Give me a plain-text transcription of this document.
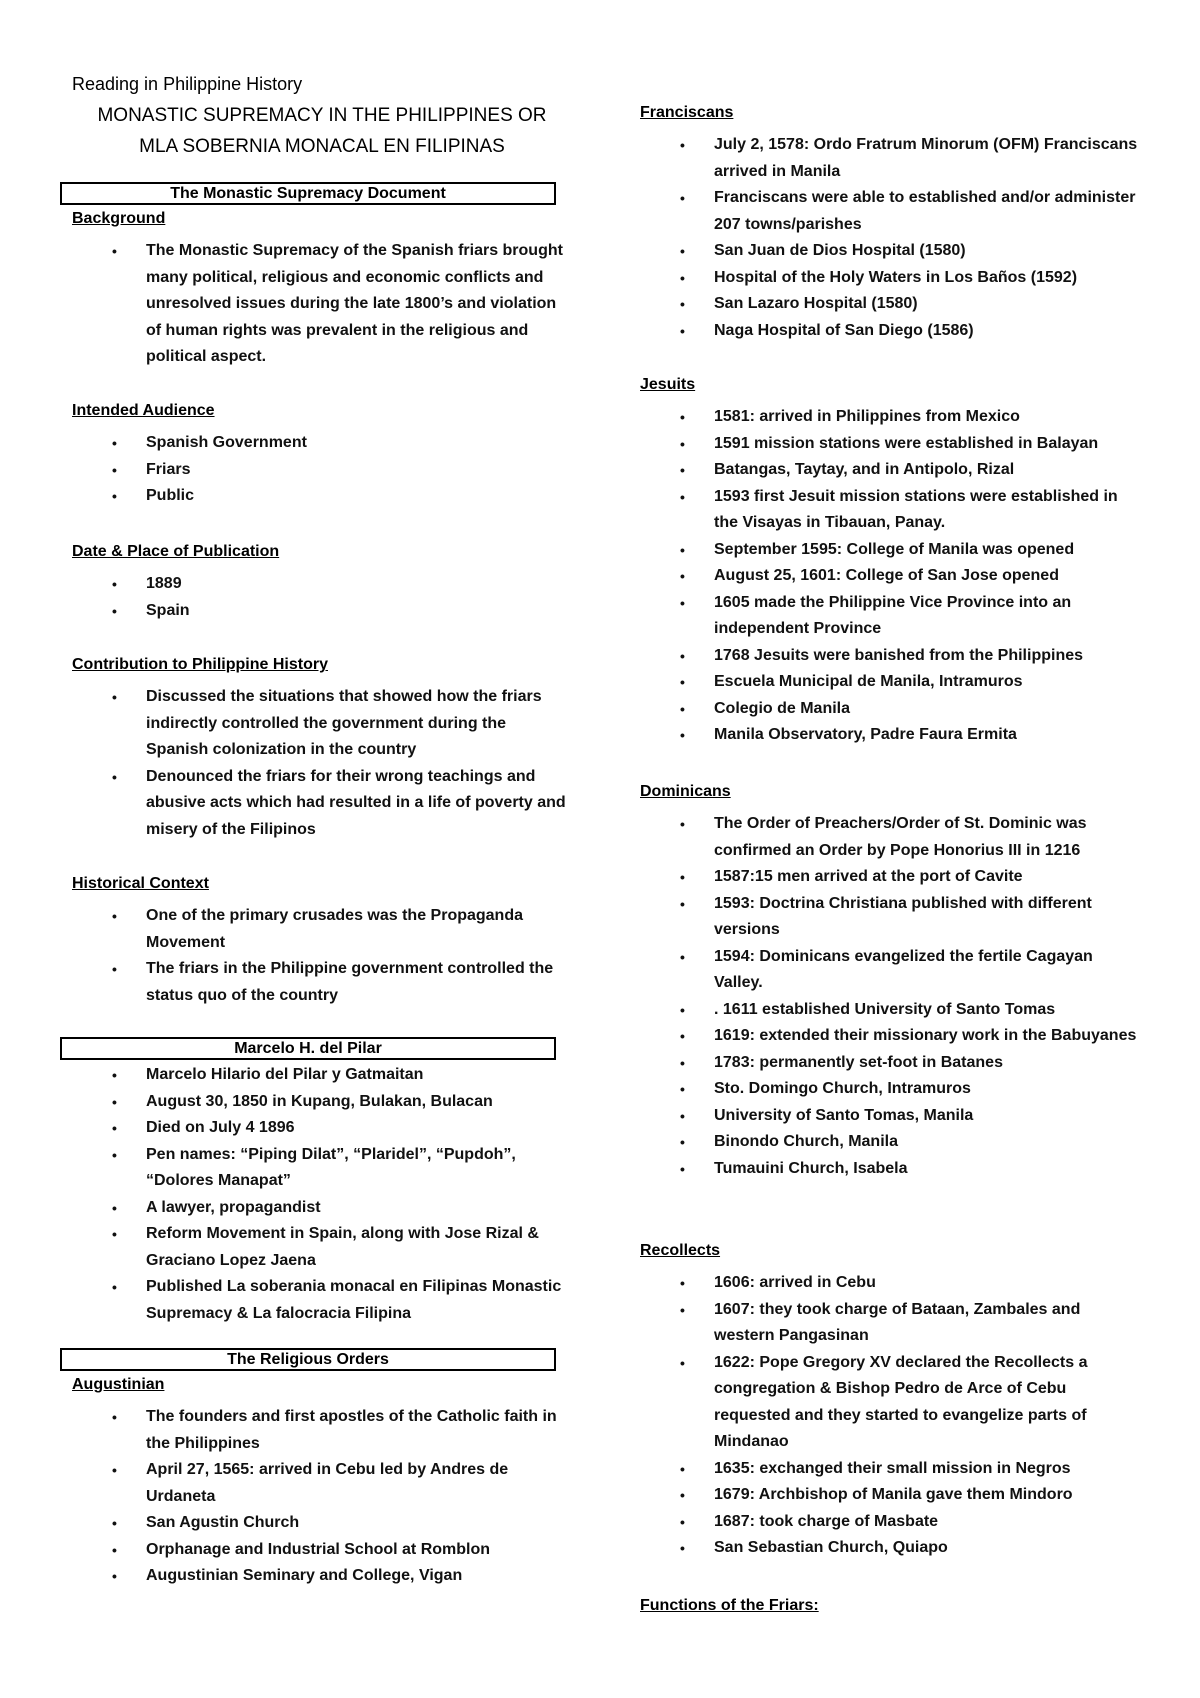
Reading in Philippine History
MONASTIC SUPREMACY IN THE PHILIPPINES OR
MLA SOBERNIA MONACAL EN FILIPINAS
The Monastic Supremacy Document
Background
• The Monastic Supremacy of the Spanish friars brought many political, religious and economic conflicts and unresolved issues during the late 1800’s and violation of human rights was prevalent in the religious and political aspect.
Intended Audience
• Spanish Government
• Friars
• Public
Date & Place of Publication
• 1889
• Spain
Contribution to Philippine History
• Discussed the situations that showed how the friars indirectly controlled the government during the Spanish colonization in the country
• Denounced the friars for their wrong teachings and abusive acts which had resulted in a life of poverty and misery of the Filipinos
Historical Context
• One of the primary crusades was the Propaganda Movement
• The friars in the Philippine government controlled the status quo of the country
Marcelo H. del Pilar
• Marcelo Hilario del Pilar y Gatmaitan
• August 30, 1850 in Kupang, Bulakan, Bulacan
• Died on July 4 1896
• Pen names: “Piping Dilat”, “Plaridel”, “Pupdoh”, “Dolores Manapat”
• A lawyer, propagandist
• Reform Movement in Spain, along with Jose Rizal & Graciano Lopez Jaena
• Published La soberania monacal en Filipinas Monastic Supremacy & La falocracia Filipina
The Religious Orders
Augustinian
• The founders and first apostles of the Catholic faith in the Philippines
• April 27, 1565: arrived in Cebu led by Andres de Urdaneta
• San Agustin Church
• Orphanage and Industrial School at Romblon
• Augustinian Seminary and College, Vigan
Franciscans
• July 2, 1578: Ordo Fratrum Minorum (OFM) Franciscans arrived in Manila
• Franciscans were able to established and/or administer 207 towns/parishes
• San Juan de Dios Hospital (1580)
• Hospital of the Holy Waters in Los Baños (1592)
• San Lazaro Hospital (1580)
• Naga Hospital of San Diego (1586)
Jesuits
• 1581: arrived in Philippines from Mexico
• 1591 mission stations were established in Balayan
• Batangas, Taytay, and in Antipolo, Rizal
• 1593 first Jesuit mission stations were established in the Visayas in Tibauan, Panay.
• September 1595: College of Manila was opened
• August 25, 1601: College of San Jose opened
• 1605 made the Philippine Vice Province into an independent Province
• 1768 Jesuits were banished from the Philippines
• Escuela Municipal de Manila, Intramuros
• Colegio de Manila
• Manila Observatory, Padre Faura Ermita
Dominicans
• The Order of Preachers/Order of St. Dominic was confirmed an Order by Pope Honorius III in 1216
• 1587:15 men arrived at the port of Cavite
• 1593: Doctrina Christiana published with different versions
• 1594: Dominicans evangelized the fertile Cagayan Valley.
• . 1611 established University of Santo Tomas
• 1619: extended their missionary work in the Babuyanes
• 1783: permanently set-foot in Batanes
• Sto. Domingo Church, Intramuros
• University of Santo Tomas, Manila
• Binondo Church, Manila
• Tumauini Church, Isabela
Recollects
• 1606: arrived in Cebu
• 1607: they took charge of Bataan, Zambales and western Pangasinan
• 1622: Pope Gregory XV declared the Recollects a congregation & Bishop Pedro de Arce of Cebu requested and they started to evangelize parts of Mindanao
• 1635: exchanged their small mission in Negros
• 1679: Archbishop of Manila gave them Mindoro
• 1687: took charge of Masbate
• San Sebastian Church, Quiapo
Functions of the Friars:
